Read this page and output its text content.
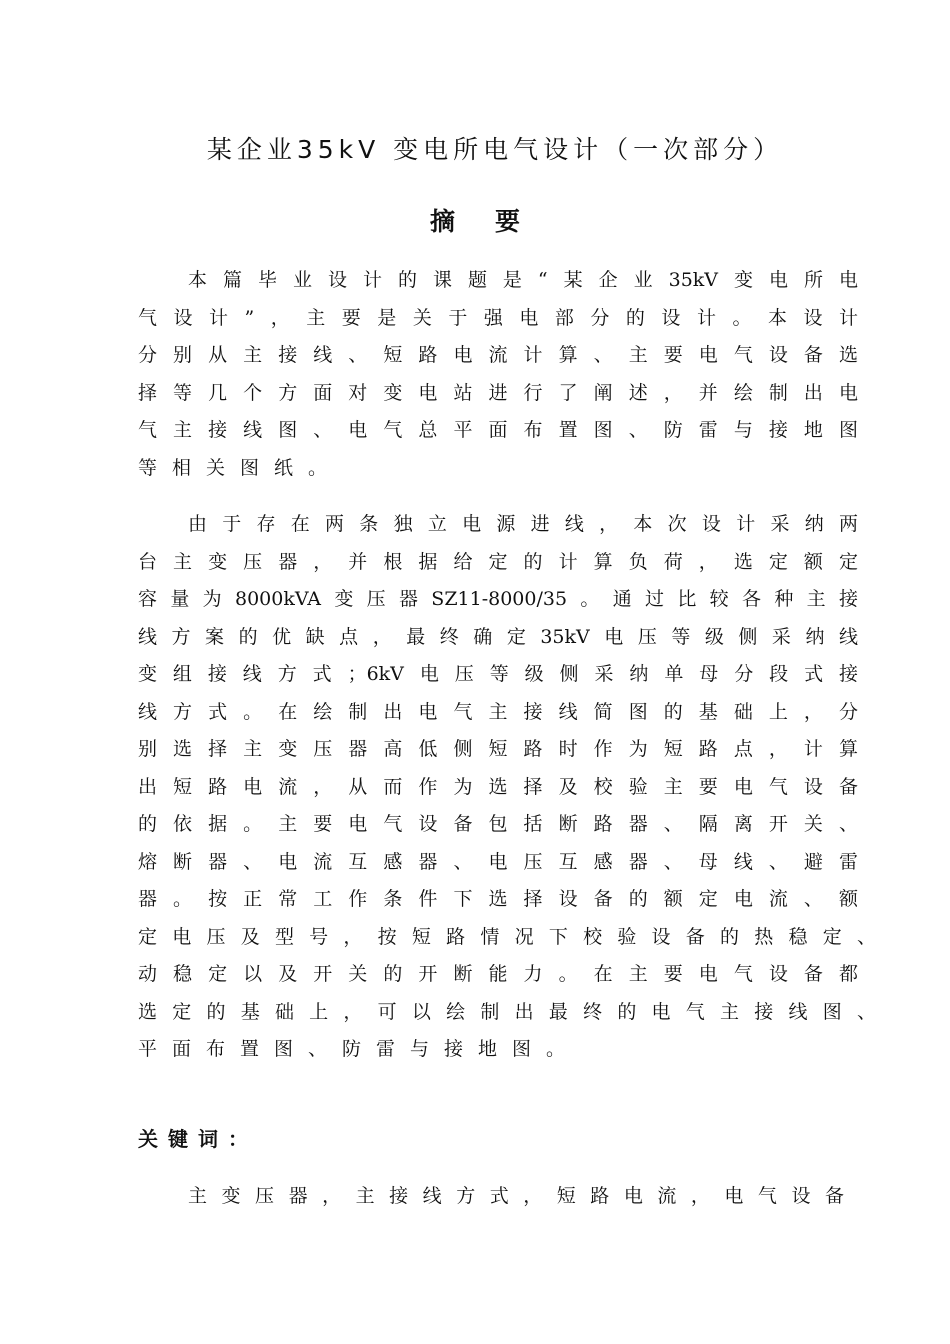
某企业35kV 变电所电气设计（一次部分）
摘要
本篇毕业设计的课题是“某企业35kV变电所电
气设计”，主要是关于强电部分的设计。本设计
分别从主接线、短路电流计算、主要电气设备选
择等几个方面对变电站进行了阐述，并绘制出电
气主接线图、电气总平面布置图、防雷与接地图
等相关图纸。
由于存在两条独立电源进线，本次设计采纳两
台主变压器，并根据给定的计算负荷，选定额定
容量为8000kVA变压器SZ11-8000/35。通过比较各种主接
线方案的优缺点，最终确定35kV电压等级侧采纳线
变组接线方式；6kV电压等级侧采纳单母分段式接
线方式。在绘制出电气主接线简图的基础上，分
别选择主变压器高低侧短路时作为短路点，计算
出短路电流，从而作为选择及校验主要电气设备
的依据。主要电气设备包括断路器、隔离开关、
熔断器、电流互感器、电压互感器、母线、避雷
器。按正常工作条件下选择设备的额定电流、额
定电压及型号，按短路情况下校验设备的热稳定、
动稳定以及开关的开断能力。在主要电气设备都
选定的基础上，可以绘制出最终的电气主接线图、
平面布置图、防雷与接地图。
关键词：
主变压器，主接线方式，短路电流，电气设备
